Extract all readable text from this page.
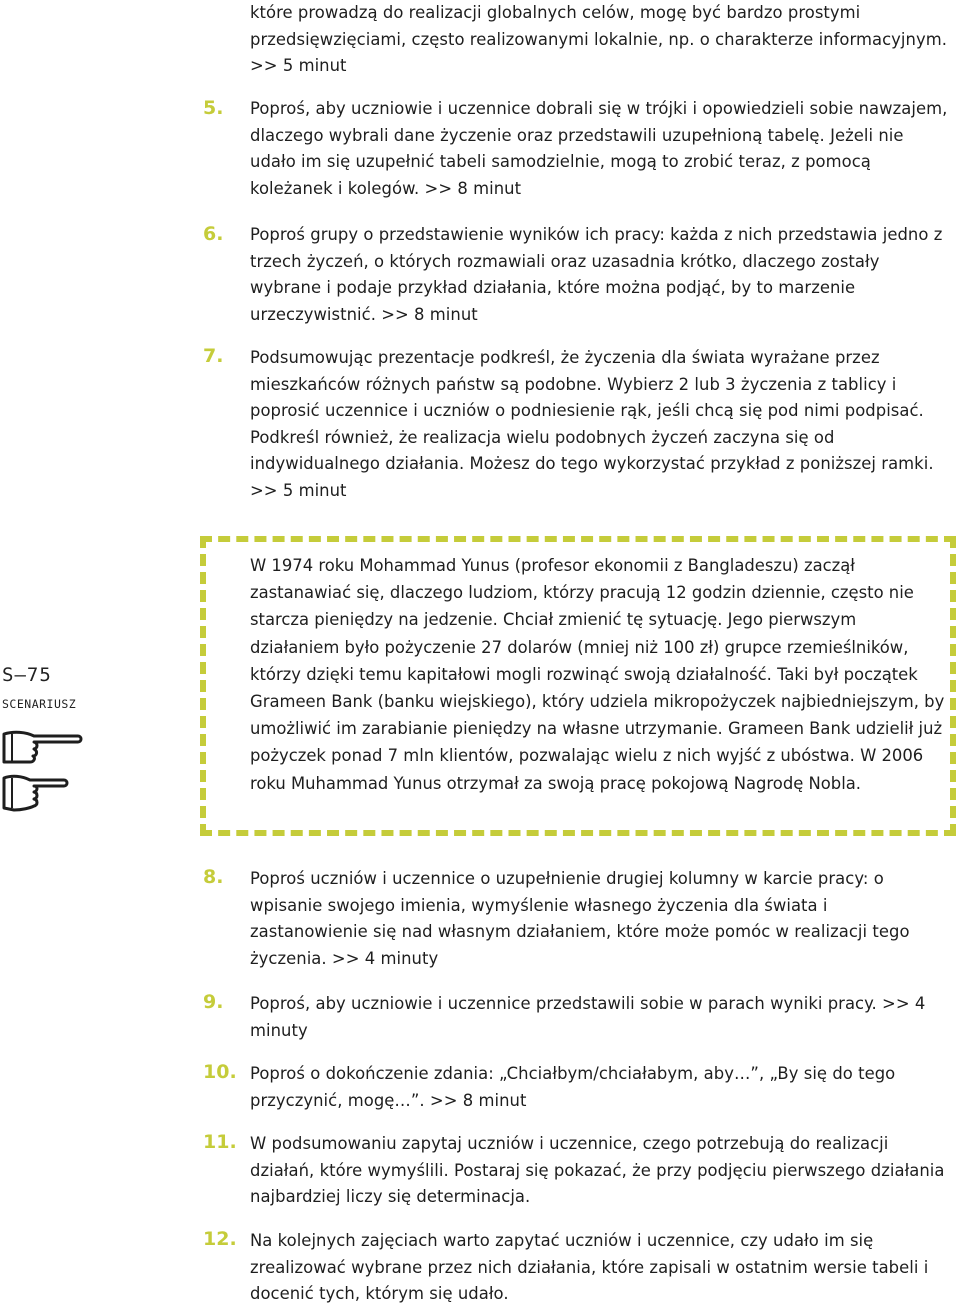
które prowadzą do realizacji globalnych celów, mogę być bardzo prostymi przedsięwzięciami, często realizowanymi lokalnie, np. o charakterze informacyjnym. >> 5 minut
5.	Poproś, aby uczniowie i uczennice dobrali się w trójki i opowiedzieli sobie nawzajem, dlaczego wybrali dane życzenie oraz przedstawili uzupełnioną tabelę. Jeżeli nie udało im się uzupełnić tabeli samodzielnie, mogą to zrobić teraz, z pomocą koleżanek i kolegów. >> 8 minut
6.	Poproś grupy o przedstawienie wyników ich pracy: każda z nich przedstawia jedno z trzech życzeń, o których rozmawiali oraz uzasadnia krótko, dlaczego zostały wybrane i podaje przykład działania, które można podjąć, by to marzenie urzeczywistnić. >> 8 minut
7.	Podsumowując prezentacje podkreśl, że życzenia dla świata wyrażane przez mieszkańców różnych państw są podobne. Wybierz 2 lub 3 życzenia z tablicy i poprosić uczennice i uczniów o podniesienie rąk, jeśli chcą się pod nimi podpisać. Podkreśl również, że realizacja wielu podobnych życzeń zaczyna się od indywidualnego działania. Możesz do tego wykorzystać przykład z poniższej ramki. >> 5 minut
W 1974 roku Mohammad Yunus (profesor ekonomii z Bangladeszu) zaczął zastanawiać się, dlaczego ludziom, którzy pracują 12 godzin dziennie, często nie starcza pieniędzy na jedzenie. Chciał zmienić tę sytuację. Jego pierwszym działaniem było pożyczenie 27 dolarów (mniej niż 100 zł) grupce rzemieślników, którzy dzięki temu kapitałowi mogli rozwinąć swoją działalność. Taki był początek Grameen Bank (banku wiejskiego), który udziela mikropożyczek najbiedniejszym, by umożliwić im zarabianie pieniędzy na własne utrzymanie. Grameen Bank udzielił już pożyczek ponad 7 mln klientów, pozwalając wielu z nich wyjść z ubóstwa. W 2006 roku Muhammad Yunus otrzymał za swoją pracę pokojową Nagrodę Nobla.
S–75
SCENARIUSZ
8.	Poproś uczniów i uczennice o uzupełnienie drugiej kolumny w karcie pracy: o wpisanie swojego imienia, wymyślenie własnego życzenia dla świata i zastanowienie się nad własnym działaniem, które może pomóc w realizacji tego życzenia. >> 4 minuty
9.	Poproś, aby uczniowie i uczennice przedstawili sobie w parach wyniki pracy. >> 4 minuty
10. Poproś o dokończenie zdania: „Chciałbym/chciałabym, aby…”, „By się do tego przyczynić, mogę…”. >> 8 minut
11. W podsumowaniu zapytaj uczniów i uczennice, czego potrzebują do realizacji działań, które wymyślili. Postaraj się pokazać, że przy podjęciu pierwszego działania najbardziej liczy się determinacja.
12. Na kolejnych zajęciach warto zapytać uczniów i uczennice, czy udało im się zrealizować wybrane przez nich działania, które zapisali w ostatnim wersie tabeli i docenić tych, którym się udało.
